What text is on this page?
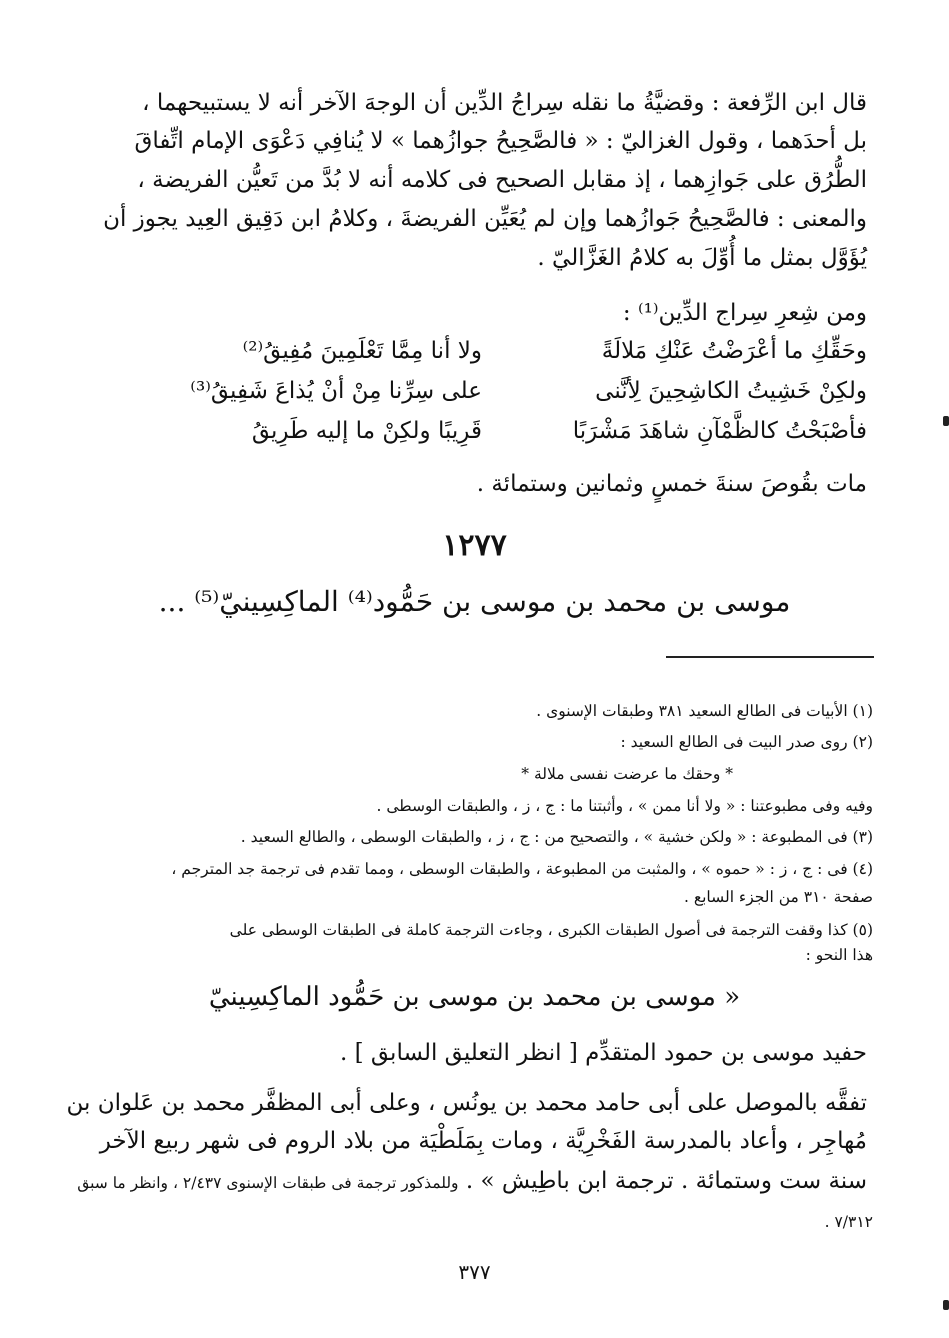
قال ابن الرِّفعة : وقضيَّةُ ما نقله سِراجُ الدِّين أن الوجهَ الآخر أنه لا يستبيحهما ،
بل أحدَهما ، وقول الغزاليّ : « فالصَّحِيحُ جوازُهما » لا يُنافِي دَعْوَى الإمام اتِّفاقَ
الطُّرُق على جَوازِهما ، إذ مقابل الصحيح فى كلامه أنه لا بُدَّ من تَعيُّن الفريضة ،
والمعنى : فالصَّحِيحُ جَوازُهما وإن لم يُعَيِّن الفريضةَ ، وكلامُ ابن دَقِيق العِيد يجوز أن
يُؤَوَّل بمثل ما أُوِّلَ به كلامُ الغَزَّاليّ .
ومن شِعرِ سِراج الدِّين⁽¹⁾ :
وحَقِّكِ ما أعْرَضْتُ عَنْكِ مَلالَةً
ولا أنا مِمَّا تَعْلَمِينَ مُفِيقُ⁽²⁾
ولكِنْ خَشِيتُ الكاشِحِينَ لِأنَّنى
على سِرِّنا مِنْ أنْ يُذاعَ شَفِيقُ⁽³⁾
فأصْبَحْتُ كالظَّمْآنِ شاهَدَ مَشْرَبًا
قَرِيبًا ولكِنْ ما إليه طَرِيقُ
مات بقُوصَ سنةَ خمسٍ وثمانين وستمائة .
١٢٧٧
موسى بن محمد بن موسى بن حَمُّود⁽⁴⁾ الماكِسِينيّ⁽⁵⁾ ...
(١) الأبيات فى الطالع السعيد ٣٨١ وطبقات الإسنوى .
(٢) روى صدر البيت فى الطالع السعيد :
* وحقك ما عرضت نفسى ملالة *
وفيه وفى مطبوعتنا : « ولا أنا ممن » ، وأثبتنا ما : ج ، ز ، والطبقات الوسطى .
(٣) فى المطبوعة : « ولكن خشية » ، والتصحيح من : ج ، ز ، والطبقات الوسطى ، والطالع السعيد .
(٤) فى : ج ، ز : « حموه » ، والمثبت من المطبوعة ، والطبقات الوسطى ، ومما تقدم فى ترجمة جد المترجم ،
صفحة ٣١٠ من الجزء السابع .
(٥) كذا وقفت الترجمة فى أصول الطبقات الكبرى ، وجاءت الترجمة كاملة فى الطبقات الوسطى على
هذا النحو :
« موسى بن محمد بن موسى بن حَمُّود الماكِسِينيّ
حفيد موسى بن حمود المتقدِّم [ انظر التعليق السابق ] .
تفقَّه بالموصل على أبى حامد محمد بن يونُس ، وعلى أبى المظفَّر محمد بن عَلوان بن
مُهاجِر ، وأعاد بالمدرسة الفَخْرِيَّة ، ومات بِمَلَطْيَة من بلاد الروم فى شهر ربيع الآخر
سنة ست وستمائة . ترجمة ابن باطِيش » . وللمذكور ترجمة فى طبقات الإسنوى ٢/٤٣٧ ، وانظر ما سبق
٧/٣١٢ .
٣٧٧
